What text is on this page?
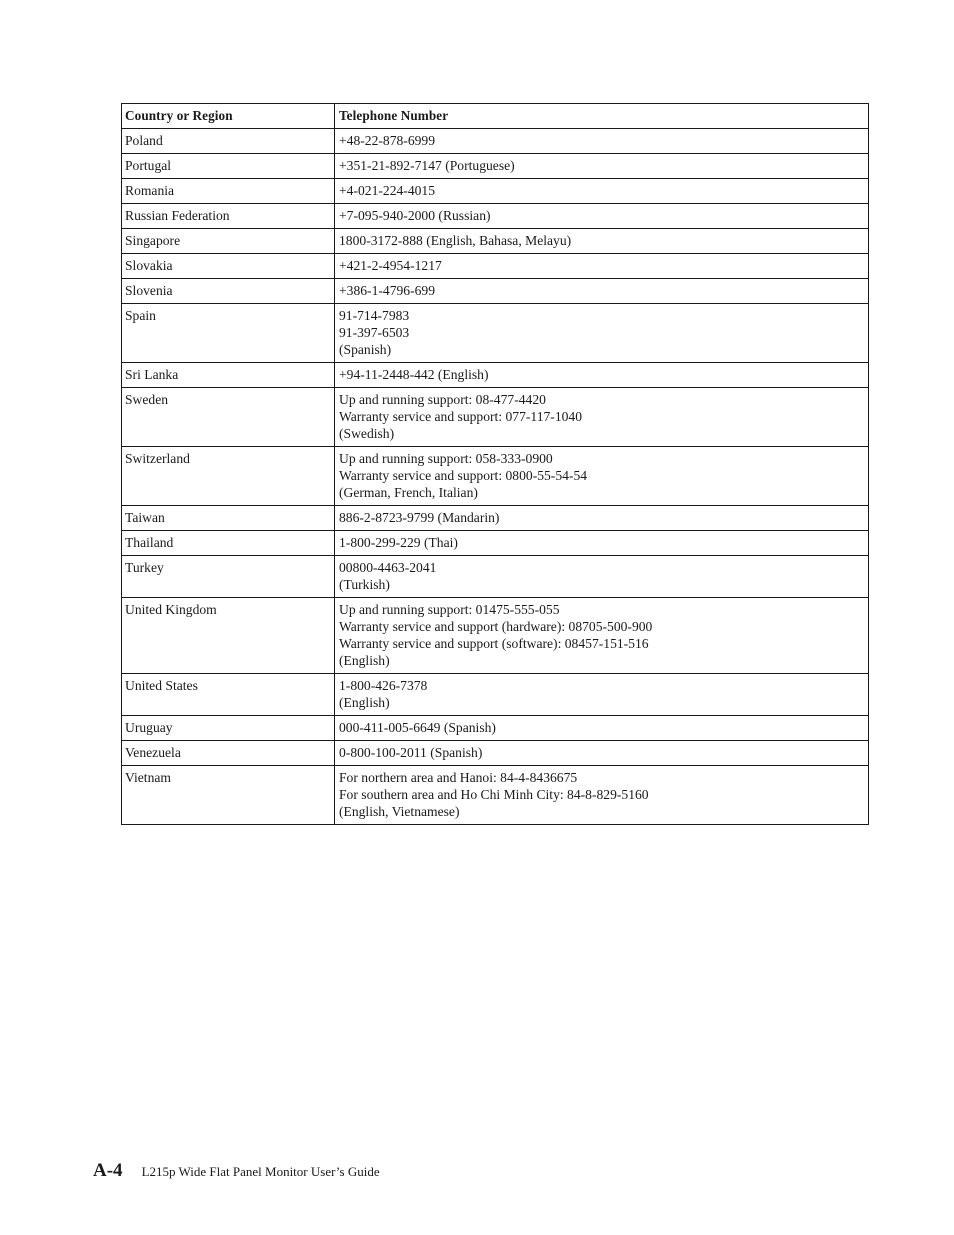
Country or Region	Telephone Number
Poland	+48-22-878-6999

Portugal	+351-21-892-7147 (Portuguese)

Romania	+4-021-224-4015

Russian Federation	+7-095-940-2000 (Russian)

Singapore	1800-3172-888 (English, Bahasa, Melayu)

Slovakia	+421-2-4954-1217

Slovenia	+386-1-4796-699

Spain	91-714-7983
91-397-6503
(Spanish)

Sri Lanka	+94-11-2448-442 (English)

Sweden	Up and running support: 08-477-4420
Warranty service and support: 077-117-1040
(Swedish)

Switzerland	Up and running support: 058-333-0900
Warranty service and support: 0800-55-54-54
(German, French, Italian)

Taiwan	886-2-8723-9799 (Mandarin)

Thailand	1-800-299-229 (Thai)

Turkey	00800-4463-2041
(Turkish)

United Kingdom	Up and running support: 01475-555-055
Warranty service and support (hardware): 08705-500-900
Warranty service and support (software): 08457-151-516
(English)

United States	1-800-426-7378
(English)

Uruguay	000-411-005-6649 (Spanish)

Venezuela	0-800-100-2011 (Spanish)

Vietnam	For northern area and Hanoi: 84-4-8436675
For southern area and Ho Chi Minh City: 84-8-829-5160
(English, Vietnamese)
A-4 L215p Wide Flat Panel Monitor User’s Guide
